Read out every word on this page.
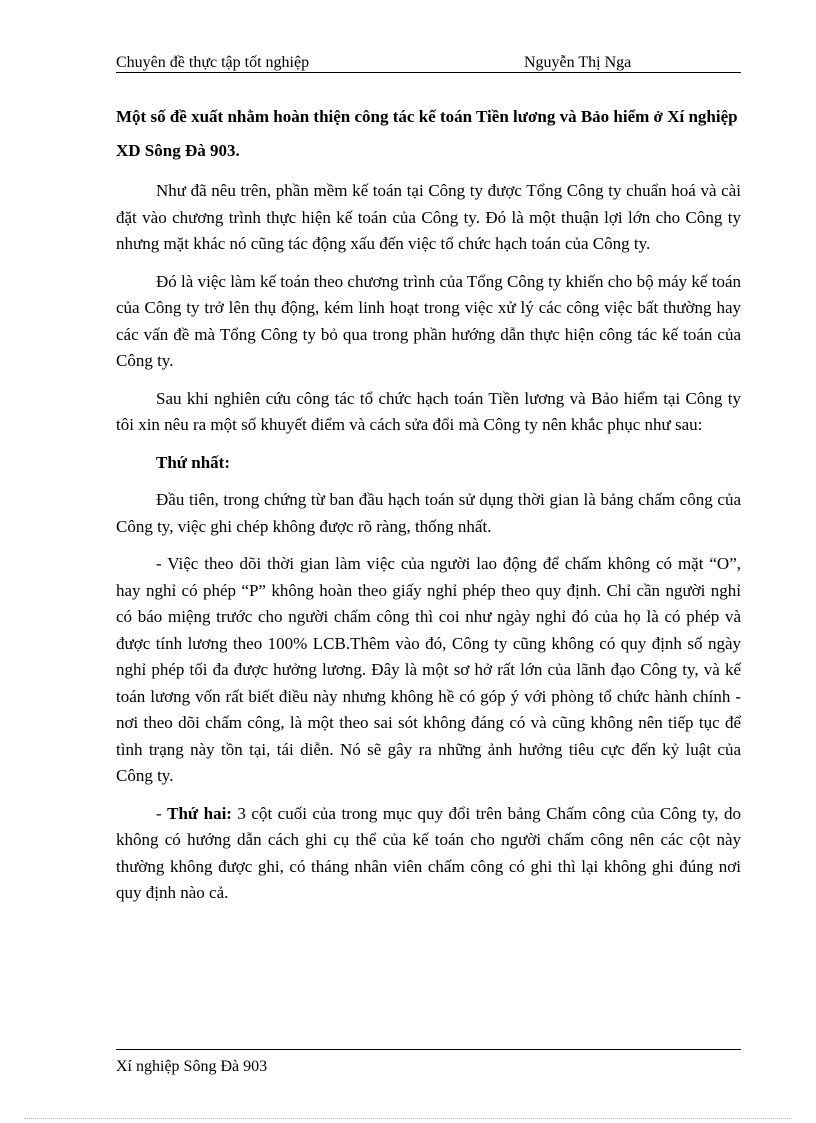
Chuyên đề thực tập tốt nghiệp	Nguyễn Thị Nga
Một số đề xuất nhằm hoàn thiện công tác kế toán Tiền lương và Bảo hiểm ở Xí nghiệp XD Sông Đà 903.

Như đã nêu trên, phần mềm kế toán tại Công ty được Tổng Công ty chuẩn hoá và cài đặt vào chương trình thực hiện kế toán của Công ty. Đó là một thuận lợi lớn cho Công ty nhưng mặt khác nó cũng tác động xấu đến việc tổ chức hạch toán của Công ty.

Đó là việc làm kế toán theo chương trình của Tổng Công ty khiến cho bộ máy kế toán của Công ty trở lên thụ động, kém linh hoạt trong việc xử lý các công việc bất thường hay các vấn đề mà Tổng Công ty bỏ qua trong phần hướng dẫn thực hiện công tác kế toán của Công ty.

Sau khi nghiên cứu công tác tổ chức hạch toán Tiền lương và Bảo hiểm tại Công ty tôi xin nêu ra một số khuyết điểm và cách sửa đổi mà Công ty nên khắc phục như sau:

Thứ nhất:

Đầu tiên, trong chứng từ ban đầu hạch toán sử dụng thời gian là bảng chấm công của Công ty, việc ghi chép không được rõ ràng, thống nhất.

- Việc theo dõi thời gian làm việc của người lao động để chấm không có mặt “O”, hay nghỉ có phép “P” không hoàn theo giấy nghỉ phép theo quy định. Chỉ cần người nghỉ có báo miệng trước cho người chấm công thì coi như ngày nghỉ đó của họ là có phép và được tính lương theo 100% LCB.Thêm vào đó, Công ty cũng không có quy định số ngày nghỉ phép tối đa được hưởng lương. Đây là một sơ hở rất lớn của lãnh đạo Công ty, và kế toán lương vốn rất biết điều này nhưng không hề có góp ý với phòng tổ chức hành chính - nơi theo dõi chấm công, là một theo sai sót không đáng có và cũng không nên tiếp tục để tình trạng này tồn tại, tái diễn. Nó sẽ gây ra những ảnh hưởng tiêu cực đến kỷ luật của Công ty.

- Thứ hai: 3 cột cuối của trong mục quy đổi trên bảng Chấm công của Công ty, do không có hướng dẫn cách ghi cụ thể của kế toán cho người chấm công nên các cột này thường không được ghi, có tháng nhân viên chấm công có ghi thì lại không ghi đúng nơi quy định nào cả.

Xí nghiệp Sông Đà 903
